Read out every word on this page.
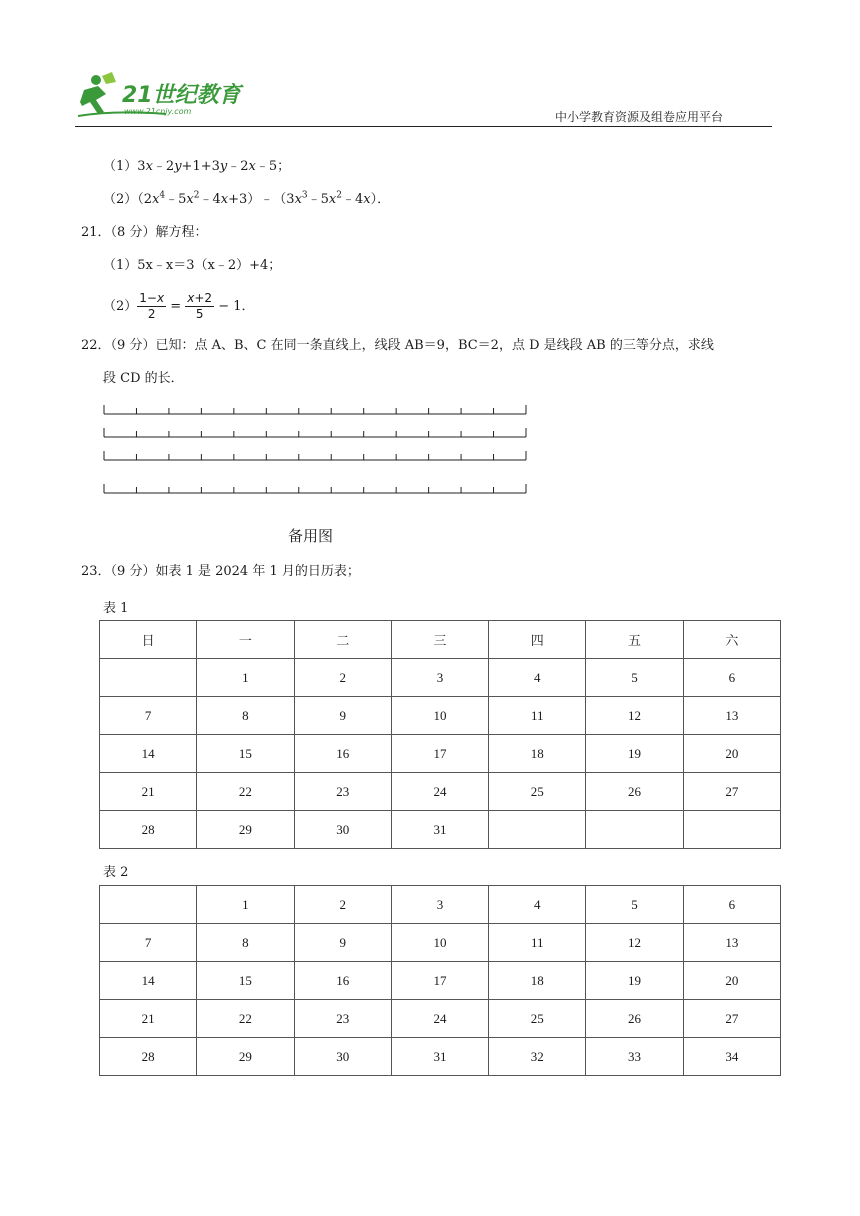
21世纪教育
www.21cnjy.com	中小学教育资源及组卷应用平台
（1）3x﹣2y+1+3y﹣2x﹣5；
$(2)(2x^4﹣5x^2﹣4x+3)﹣(3x^3﹣5x^2﹣4x)$．
21．（8 分）解方程：
（1）5x﹣x＝3（x﹣2）+4；
$(2) \frac{1-x}{2} = \frac{x+2}{5} - 1$．
22．（9 分）已知：点 A、B、C 在同一条直线上，线段 AB＝9，BC＝2，点 D 是线段 AB 的三等分点，求线
段 CD 的长．
备用图
23．（9 分）如表 1 是 2024 年 1 月的日历表；
表 1
日	一	二	三	四	五	六
	1	2	3	4	5	6
7	8	9	10	11	12	13
14	15	16	17	18	19	20
21	22	23	24	25	26	27
28	29	30	31			
表 2
	1	2	3	4	5	6
7	8	9	10	11	12	13
14	15	16	17	18	19	20
21	22	23	24	25	26	27
28	29	30	31	32	33	34
